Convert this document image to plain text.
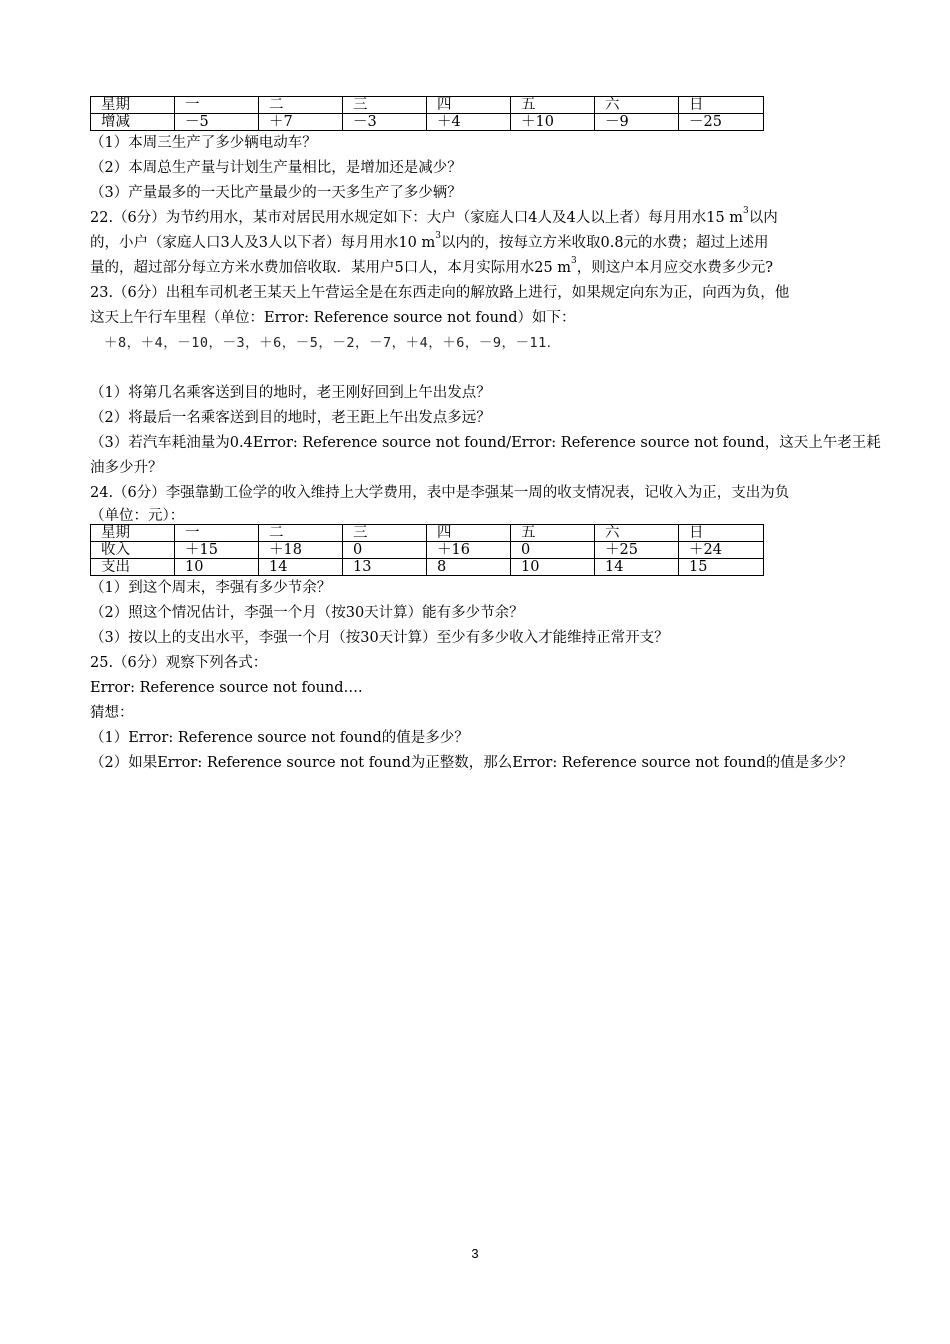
星期	一	二	三	四	五	六	日
增减	－5	＋7	－3	＋4	＋10	－9	－25
（1）本周三生产了多少辆电动车？
（2）本周总生产量与计划生产量相比，是增加还是减少？
（3）产量最多的一天比产量最少的一天多生产了多少辆？
22.（6分）为节约用水，某市对居民用水规定如下：大户（家庭人口4人及4人以上者）每月用水15 $m^3$以内
的，小户（家庭人口3人及3人以下者）每月用水10 $m^3$以内的，按每立方米收取0.8元的水费；超过上述用
量的，超过部分每立方米水费加倍收取．某用户5口人，本月实际用水25 $m^3$，则这户本月应交水费多少元?
23.（6分）出租车司机老王某天上午营运全是在东西走向的解放路上进行，如果规定向东为正，向西为负，他
这天上午行车里程（单位：Error: Reference source not found）如下：
＋8，＋4，－10，－3，＋6，－5，－2，－7，＋4，＋6，－9，－11．
（1）将第几名乘客送到目的地时，老王刚好回到上午出发点？
（2）将最后一名乘客送到目的地时，老王距上午出发点多远？
（3）若汽车耗油量为0.4Error: Reference source not found/Error: Reference source not found，这天上午老王耗
油多少升？
24.（6分）李强靠勤工俭学的收入维持上大学费用，表中是李强某一周的收支情况表，记收入为正，支出为负
（单位：元）：
星期	一	二	三	四	五	六	日
收入	＋15	＋18	0	＋16	0	＋25	＋24
支出	10	14	13	8	10	14	15
（1）到这个周末，李强有多少节余？
（2）照这个情况估计，李强一个月（按30天计算）能有多少节余？
（3）按以上的支出水平，李强一个月（按30天计算）至少有多少收入才能维持正常开支？
25.（6分）观察下列各式：
Error: Reference source not found….
猜想：
（1）Error: Reference source not found的值是多少？
（2）如果Error: Reference source not found为正整数，那么Error: Reference source not found的值是多少？
3
